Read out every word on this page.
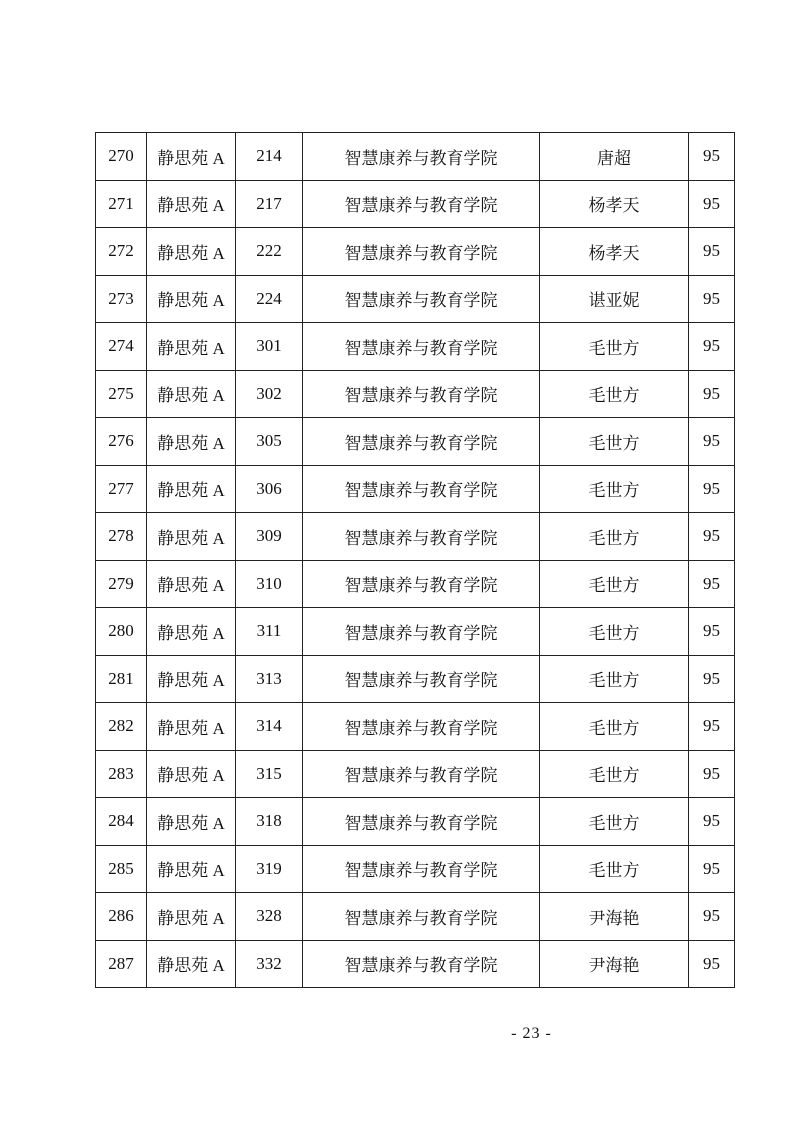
270	静思苑 A	214	智慧康养与教育学院	唐超	95
271	静思苑 A	217	智慧康养与教育学院	杨孝天	95
272	静思苑 A	222	智慧康养与教育学院	杨孝天	95
273	静思苑 A	224	智慧康养与教育学院	谌亚妮	95
274	静思苑 A	301	智慧康养与教育学院	毛世方	95
275	静思苑 A	302	智慧康养与教育学院	毛世方	95
276	静思苑 A	305	智慧康养与教育学院	毛世方	95
277	静思苑 A	306	智慧康养与教育学院	毛世方	95
278	静思苑 A	309	智慧康养与教育学院	毛世方	95
279	静思苑 A	310	智慧康养与教育学院	毛世方	95
280	静思苑 A	311	智慧康养与教育学院	毛世方	95
281	静思苑 A	313	智慧康养与教育学院	毛世方	95
282	静思苑 A	314	智慧康养与教育学院	毛世方	95
283	静思苑 A	315	智慧康养与教育学院	毛世方	95
284	静思苑 A	318	智慧康养与教育学院	毛世方	95
285	静思苑 A	319	智慧康养与教育学院	毛世方	95
286	静思苑 A	328	智慧康养与教育学院	尹海艳	95
287	静思苑 A	332	智慧康养与教育学院	尹海艳	95
- 23 -
